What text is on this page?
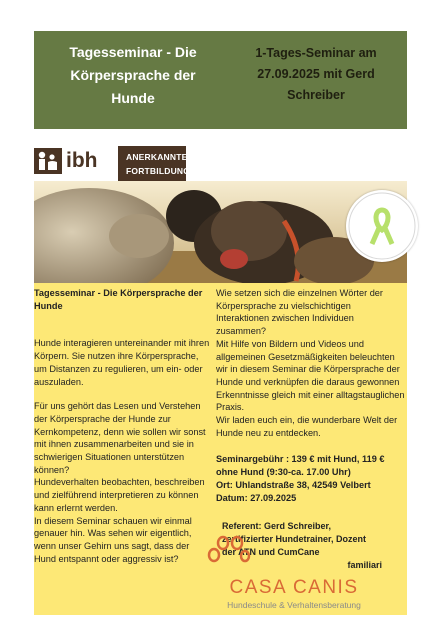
Tagesseminar - Die Körpersprache der Hunde
1-Tages-Seminar am 27.09.2025 mit Gerd Schreiber
ibh	ANERKANNTE
FORTBILDUNG
Tagesseminar - Die Körpersprache der Hunde
Hunde interagieren untereinander mit ihren Körpern. Sie nutzen ihre Körpersprache, um Distanzen zu regulieren, um ein- oder auszuladen.
Für uns gehört das Lesen und Verstehen der Körpersprache der Hunde zur Kernkompetenz, denn wie sollen wir sonst mit ihnen zusammenarbeiten und sie in schwierigen Situationen unterstützen können?
Hundeverhalten beobachten, beschreiben und zielführend interpretieren zu können kann erlernt werden.
In diesem Seminar schauen wir einmal genauer hin. Was sehen wir eigentlich, wenn unser Gehirn uns sagt, dass der Hund entspannt oder aggressiv ist?
Wie setzen sich die einzelnen Wörter der Körpersprache zu vielschichtigen Interaktionen zwischen Individuen zusammen?
Mit Hilfe von Bildern und Videos und allgemeinen Gesetzmäßigkeiten beleuchten wir in diesem Seminar die Körpersprache der Hunde und verknüpfen die daraus gewonnen Erkenntnisse gleich mit einer alltagstauglichen Praxis.
Wir laden euch ein, die wunderbare Welt der Hunde neu zu entdecken.
Seminargebühr : 139 € mit Hund, 119 € ohne Hund (9:30-ca. 17.00 Uhr)
Ort: Uhlandstraße 38, 42549 Velbert
Datum: 27.09.2025
Referent: Gerd Schreiber, zertifizierter Hundetrainer, Dozent der ATN und CumCane
familiari
CASA CANIS
Hundeschule & Verhaltensberatung
